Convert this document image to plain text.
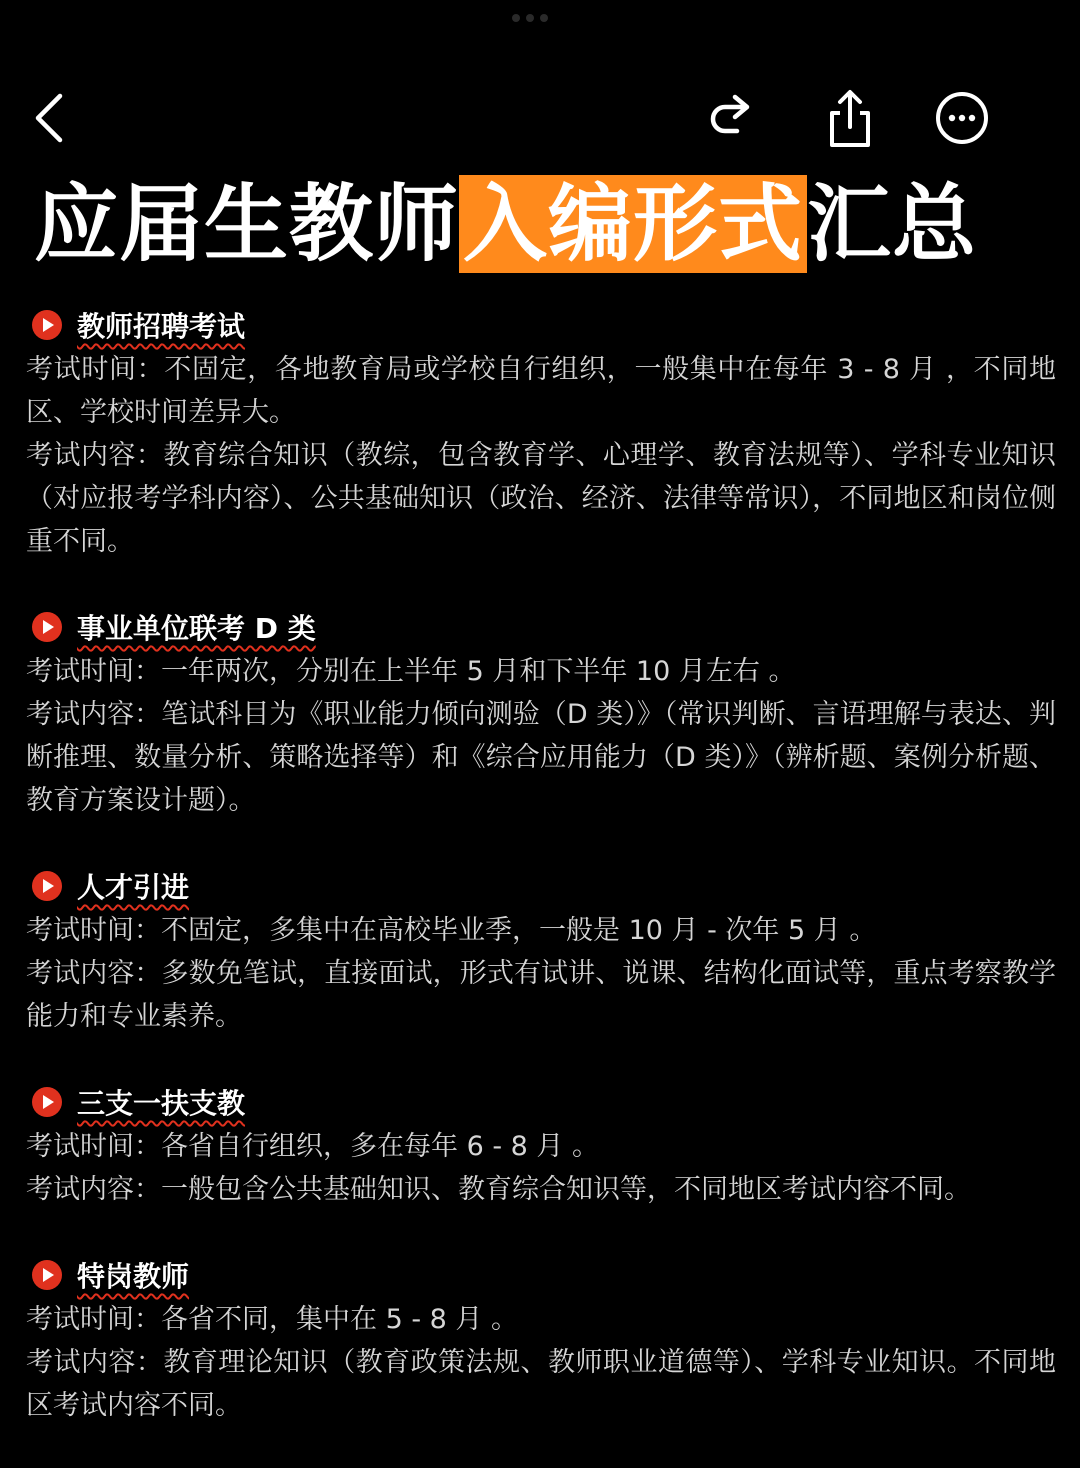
应届生教师入编形式汇总
教师招聘考试

考试时间：不固定，各地教育局或学校自行组织，一般集中在每年 3 - 8 月 ，不同地区、学校时间差异大。

考试内容：教育综合知识（教综，包含教育学、心理学、教育法规等）、学科专业知识（对应报考学科内容）、公共基础知识（政治、经济、法律等常识），不同地区和岗位侧重不同。

事业单位联考 D 类

考试时间：一年两次，分别在上半年 5 月和下半年 10 月左右 。

考试内容：笔试科目为《职业能力倾向测验（D 类）》（常识判断、言语理解与表达、判断推理、数量分析、策略选择等）和《综合应用能力（D 类）》（辨析题、案例分析题、教育方案设计题）。

人才引进

考试时间：不固定，多集中在高校毕业季，一般是 10 月 - 次年 5 月 。

考试内容：多数免笔试，直接面试，形式有试讲、说课、结构化面试等，重点考察教学能力和专业素养。

三支一扶支教

考试时间：各省自行组织，多在每年 6 - 8 月 。

考试内容：一般包含公共基础知识、教育综合知识等，不同地区考试内容不同。

特岗教师

考试时间：各省不同，集中在 5 - 8 月 。

考试内容：教育理论知识（教育政策法规、教师职业道德等）、学科专业知识。不同地区考试内容不同。
